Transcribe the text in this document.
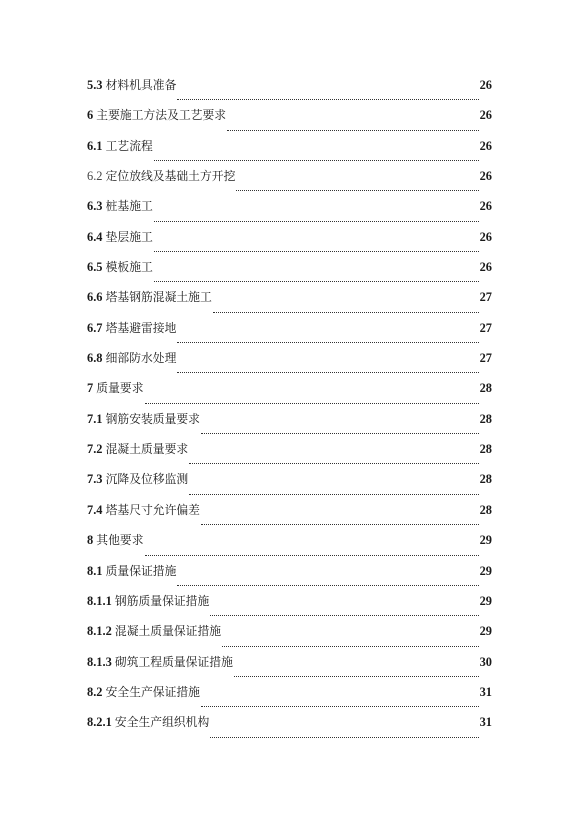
5.3 材料机具准备	26
6 主要施工方法及工艺要求	26
6.1 工艺流程	26
6.2 定位放线及基础土方开挖	26
6.3 桩基施工	26
6.4 垫层施工	26
6.5 模板施工	26
6.6 塔基钢筋混凝土施工	27
6.7 塔基避雷接地	27
6.8 细部防水处理	27
7 质量要求	28
7.1 钢筋安装质量要求	28
7.2 混凝土质量要求	28
7.3 沉降及位移监测	28
7.4 塔基尺寸允许偏差	28
8 其他要求	29
8.1 质量保证措施	29
8.1.1 钢筋质量保证措施	29
8.1.2 混凝土质量保证措施	29
8.1.3 砌筑工程质量保证措施	30
8.2 安全生产保证措施	31
8.2.1 安全生产组织机构	31
